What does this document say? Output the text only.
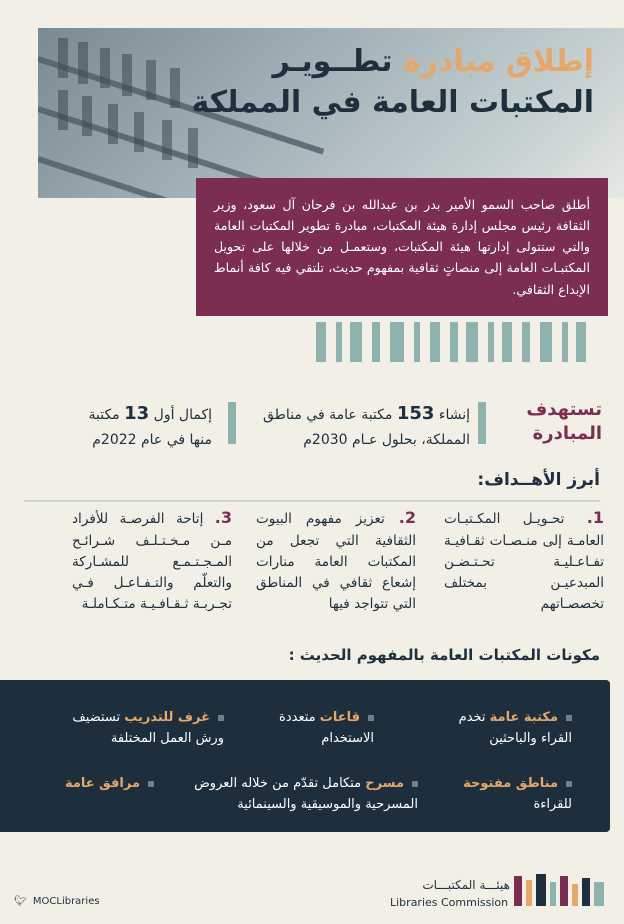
إطلاق مبادرة تطــويـر
المكتبات العامة في المملكة
أطلق صاحب السمو الأمير بدر بن عبدالله بن فرحان آل سعود، وزير الثقافة رئيس مجلس إدارة هيئة المكتبات، مبادرة تطوير المكتبات العامة والتي ستتولى إدارتها هيئة المكتبات، وستعمـل من خلالها على تحويل المكتبـات العامة إلى منصاتٍ ثقافية بمفهوم حديث، تلتقي فيه كافة أنماط الإبداع الثقافي.
تستهدف
المبادرة
إنشاء 153 مكتبة عامة في مناطق
المملكة، بحلول عـام 2030م
إكمال أول 13 مكتبة
منها في عام 2022م
أبرز الأهــداف:
1. تحـويـل المكـتبـات العامـة إلى منـصـات ثقـافيـة تفـاعـليـة تحـتـضـن المبدعيـن بمختلف تخصصـاتهم
2. تعزيز مفهوم البيوت الثقافية التي تجعل من المكتبات العامة منارات إشعاع ثقافي في المناطق التي تتواجد فيها
3. إتاحة الفرصـة للأفراد مـن مـخـتـلـف شـرائـح المـجـتـمـع للمشـاركة والتعلّم والتـفـاعـل فـي تجـربـة ثـقـافـيـة متـكـاملـة
مكونات المكتبات العامة بالمفهوم الحديث :
مكتبة عامة تخدم
القراء والباحثين
قاعات متعددة
الاستخدام
غرف للتدريب تستضيف
ورش العمل المختلفة
مناطق مفتوحة
للقراءة
مسرح متكامل تقدّم من خلاله العروض
المسرحية والموسيقية والسينمائية
مرافق عامة
🐦︎ MOCLibraries
هيئـــة المكتبـــات
Libraries Commission
